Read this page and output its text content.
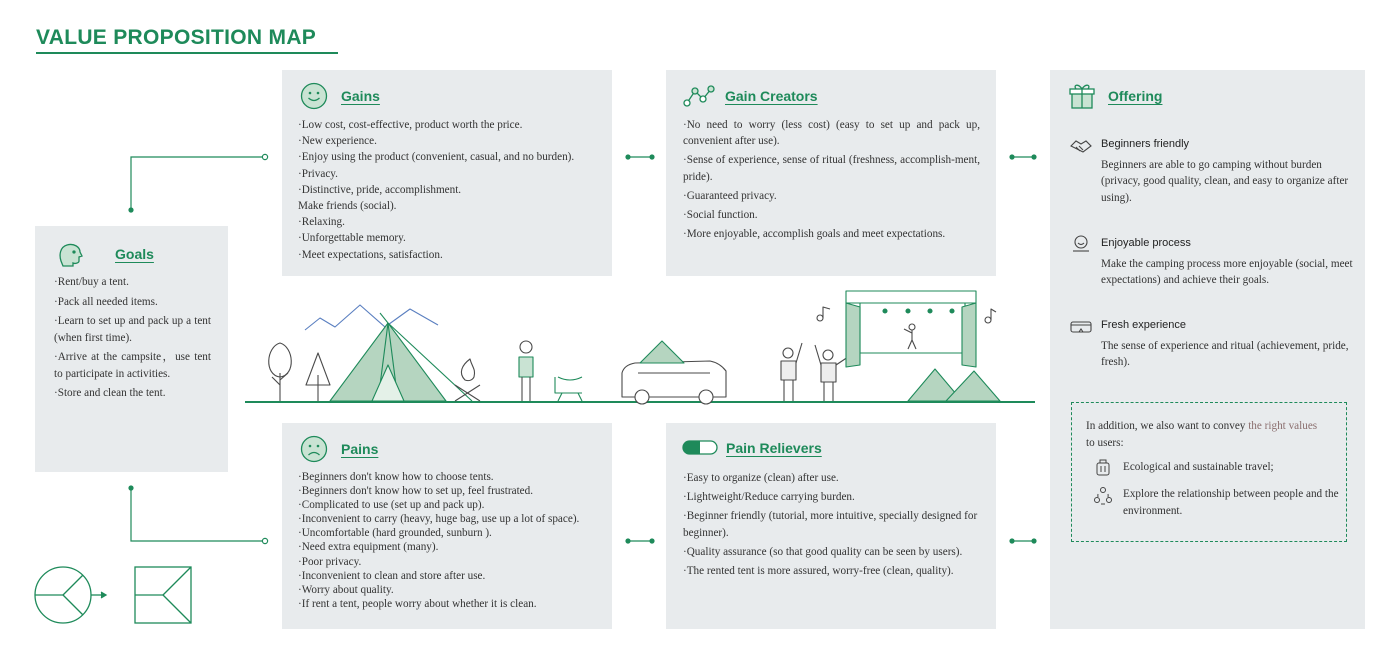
VALUE PROPOSITION MAP
Goals
·Rent/buy a tent.
·Pack all needed items.
·Learn to set up and pack up a tent (when first time).
·Arrive at the campsite，use tent to participate in activities.
·Store and clean the tent.
Gains
·Low cost, cost-effective, product worth the price.
·New experience.
·Enjoy using the product (convenient, casual, and no burden).
·Privacy.
·Distinctive, pride, accomplishment.
Make friends (social).
·Relaxing.
·Unforgettable memory.
·Meet expectations, satisfaction.
Gain Creators
·No need to worry (less cost) (easy to set up and pack up, convenient after use).
·Sense of experience, sense of ritual (freshness, accomplish-ment, pride).
·Guaranteed privacy.
·Social function.
·More enjoyable, accomplish goals and meet expectations.
Pains
·Beginners don't know how to choose tents.
·Beginners don't know how to set up, feel frustrated.
·Complicated to use (set up and pack up).
·Inconvenient to carry (heavy, huge bag, use up a lot of space).
·Uncomfortable (hard grounded, sunburn ).
·Need extra equipment (many).
·Poor privacy.
·Inconvenient to clean and store after use.
·Worry about quality.
·If rent a tent, people worry about whether it is clean.
Pain Relievers
·Easy to organize (clean) after use.
·Lightweight/Reduce carrying burden.
·Beginner friendly (tutorial, more intuitive, specially designed for beginner).
·Quality assurance (so that good quality can be seen by users).
·The rented tent is more assured, worry-free (clean, quality).
Offering
Beginners friendly
Beginners are able to go camping without burden (privacy, good quality, clean, and easy to organize after using).
Enjoyable process
Make the camping process more enjoyable (social, meet expectations) and achieve their goals.
Fresh experience
The sense of experience and ritual (achievement, pride, fresh).
In addition, we also want to convey the right values to users:
Ecological and sustainable travel;
Explore the relationship between people and the environment.
